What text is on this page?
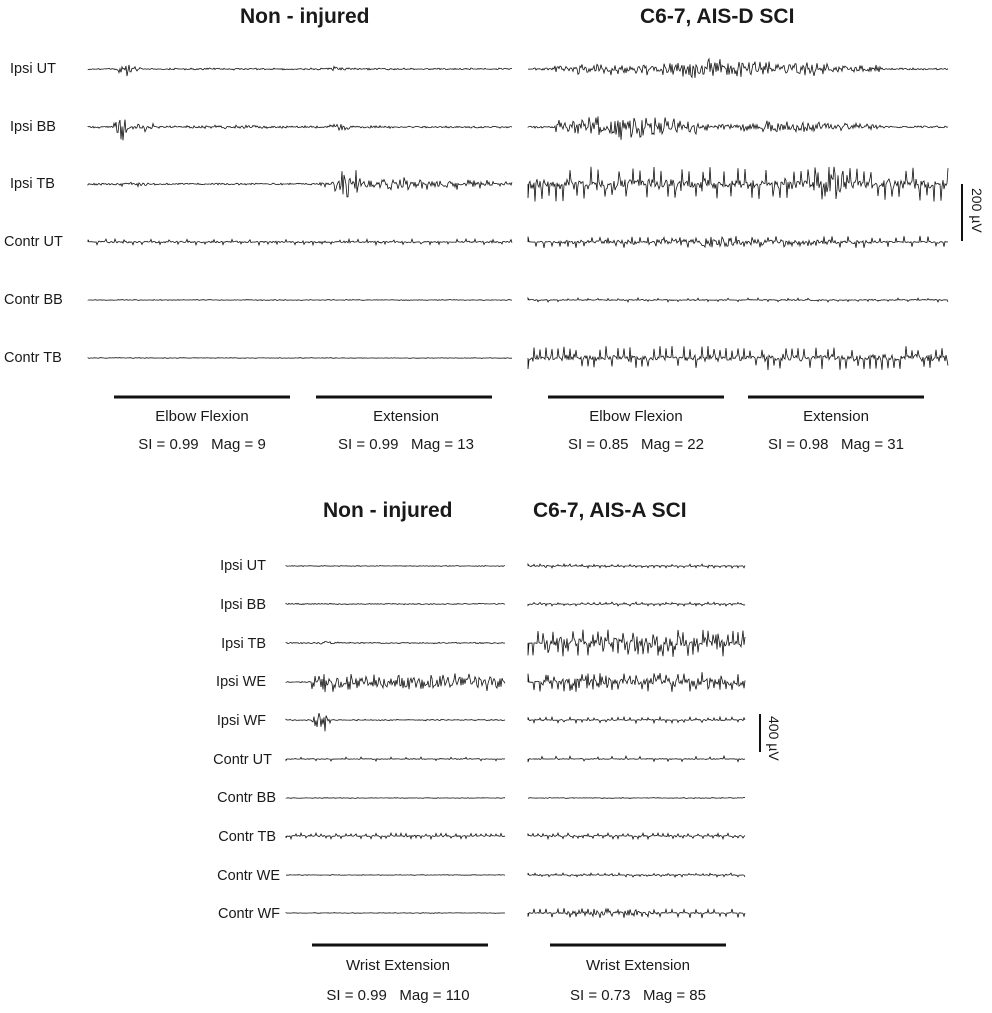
Non - injured	C6-7, AIS-D SCI
Ipsi UT
Ipsi BB
Ipsi TB
Contr UT
Contr BB
Contr TB
200 µV
Elbow Flexion
SI = 0.99 Mag = 9
Extension
SI = 0.99 Mag = 13
Elbow Flexion
SI = 0.85 Mag = 22
Extension
SI = 0.98 Mag = 31
Non - injured	C6-7, AIS-A SCI
Ipsi UT
Ipsi BB
Ipsi TB
Ipsi WE
Ipsi WF
Contr UT
Contr BB
Contr TB
Contr WE
Contr WF
400 µV
Wrist Extension
SI = 0.99 Mag = 110
Wrist Extension
SI = 0.73 Mag = 85
